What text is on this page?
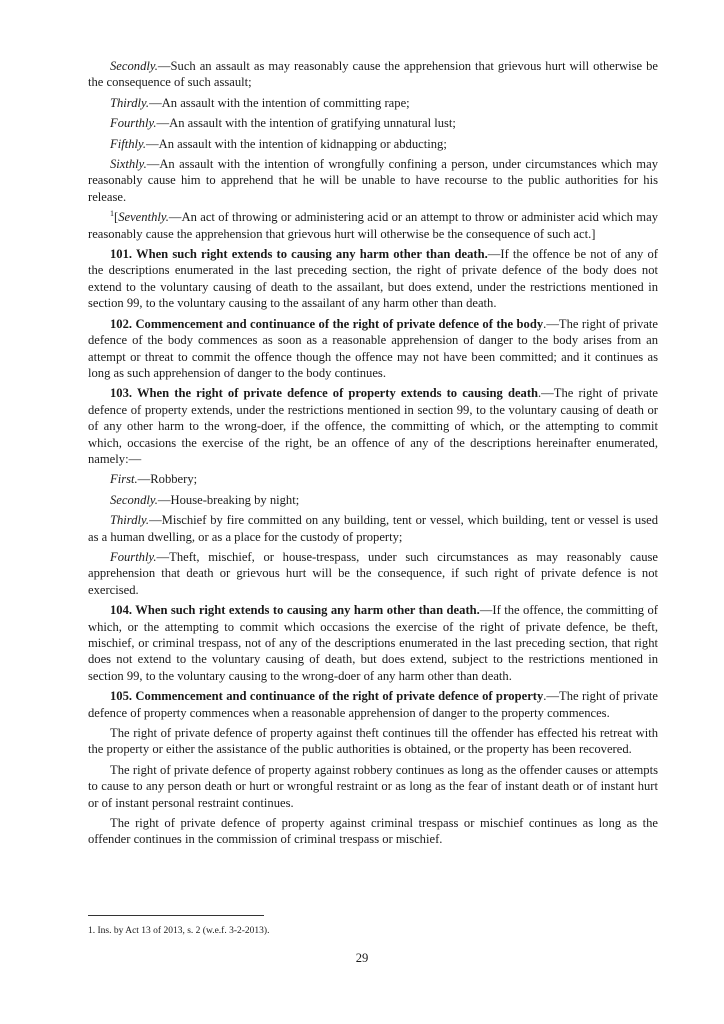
Secondly.—Such an assault as may reasonably cause the apprehension that grievous hurt will otherwise be the consequence of such assault;

Thirdly.—An assault with the intention of committing rape;

Fourthly.—An assault with the intention of gratifying unnatural lust;

Fifthly.—An assault with the intention of kidnapping or abducting;

Sixthly.—An assault with the intention of wrongfully confining a person, under circumstances which may reasonably cause him to apprehend that he will be unable to have recourse to the public authorities for his release.

$^1$[Seventhly.—An act of throwing or administering acid or an attempt to throw or administer acid which may reasonably cause the apprehension that grievous hurt will otherwise be the consequence of such act.]

101. When such right extends to causing any harm other than death.—If the offence be not of any of the descriptions enumerated in the last preceding section, the right of private defence of the body does not extend to the voluntary causing of death to the assailant, but does extend, under the restrictions mentioned in section 99, to the voluntary causing to the assailant of any harm other than death.

102. Commencement and continuance of the right of private defence of the body.—The right of private defence of the body commences as soon as a reasonable apprehension of danger to the body arises from an attempt or threat to commit the offence though the offence may not have been committed; and it continues as long as such apprehension of danger to the body continues.

103. When the right of private defence of property extends to causing death.—The right of private defence of property extends, under the restrictions mentioned in section 99, to the voluntary causing of death or of any other harm to the wrong-doer, if the offence, the committing of which, or the attempting to commit which, occasions the exercise of the right, be an offence of any of the descriptions hereinafter enumerated, namely:—

First.—Robbery;

Secondly.—House-breaking by night;

Thirdly.—Mischief by fire committed on any building, tent or vessel, which building, tent or vessel is used as a human dwelling, or as a place for the custody of property;

Fourthly.—Theft, mischief, or house-trespass, under such circumstances as may reasonably cause apprehension that death or grievous hurt will be the consequence, if such right of private defence is not exercised.

104. When such right extends to causing any harm other than death.—If the offence, the committing of which, or the attempting to commit which occasions the exercise of the right of private defence, be theft, mischief, or criminal trespass, not of any of the descriptions enumerated in the last preceding section, that right does not extend to the voluntary causing of death, but does extend, subject to the restrictions mentioned in section 99, to the voluntary causing to the wrong-doer of any harm other than death.

105. Commencement and continuance of the right of private defence of property.—The right of private defence of property commences when a reasonable apprehension of danger to the property commences.

The right of private defence of property against theft continues till the offender has effected his retreat with the property or either the assistance of the public authorities is obtained, or the property has been recovered.

The right of private defence of property against robbery continues as long as the offender causes or attempts to cause to any person death or hurt or wrongful restraint or as long as the fear of instant death or of instant hurt or of instant personal restraint continues.

The right of private defence of property against criminal trespass or mischief continues as long as the offender continues in the commission of criminal trespass or mischief.

1. Ins. by Act 13 of 2013, s. 2 (w.e.f. 3-2-2013).
29
